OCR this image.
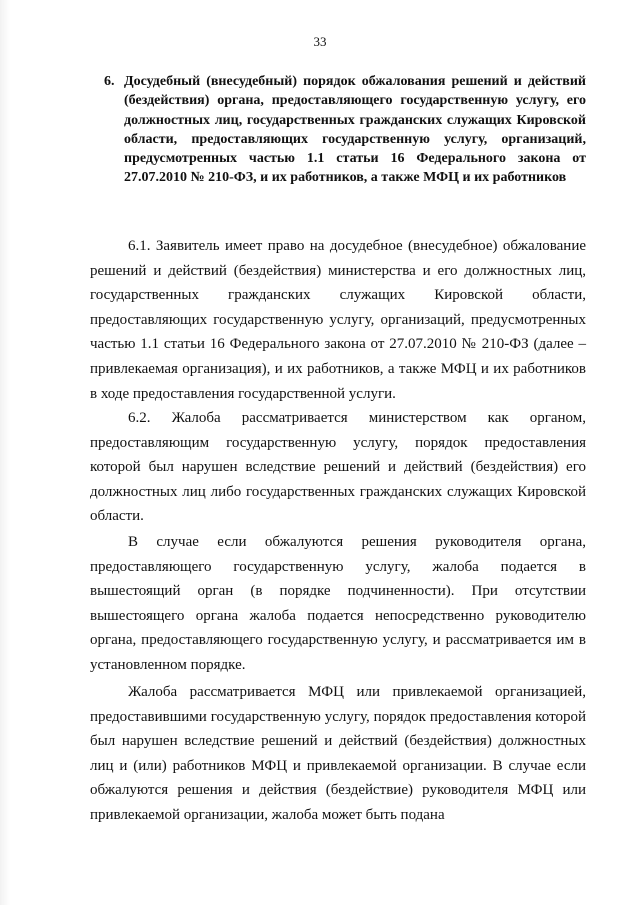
33
6. Досудебный (внесудебный) порядок обжалования решений и действий (бездействия) органа, предоставляющего государственную услугу, его должностных лиц, государственных гражданских служащих Кировской области, предоставляющих государственную услугу, организаций, предусмотренных частью 1.1 статьи 16 Федерального закона от 27.07.2010 № 210-ФЗ, и их работников, а также МФЦ и их работников

6.1. Заявитель имеет право на досудебное (внесудебное) обжалование решений и действий (бездействия) министерства и его должностных лиц, государственных гражданских служащих Кировской области, предоставляющих государственную услугу, организаций, предусмотренных частью 1.1 статьи 16 Федерального закона от 27.07.2010 № 210-ФЗ (далее – привлекаемая организация), и их работников, а также МФЦ и их работников в ходе предоставления государственной услуги.

6.2. Жалоба рассматривается министерством как органом, предоставляющим государственную услугу, порядок предоставления которой был нарушен вследствие решений и действий (бездействия) его должностных лиц либо государственных гражданских служащих Кировской области.

В случае если обжалуются решения руководителя органа, предоставляющего государственную услугу, жалоба подается в вышестоящий орган (в порядке подчиненности). При отсутствии вышестоящего органа жалоба подается непосредственно руководителю органа, предоставляющего государственную услугу, и рассматривается им в установленном порядке.

Жалоба рассматривается МФЦ или привлекаемой организацией, предоставившими государственную услугу, порядок предоставления которой был нарушен вследствие решений и действий (бездействия) должностных лиц и (или) работников МФЦ и привлекаемой организации. В случае если обжалуются решения и действия (бездействие) руководителя МФЦ или привлекаемой организации, жалоба может быть подана
